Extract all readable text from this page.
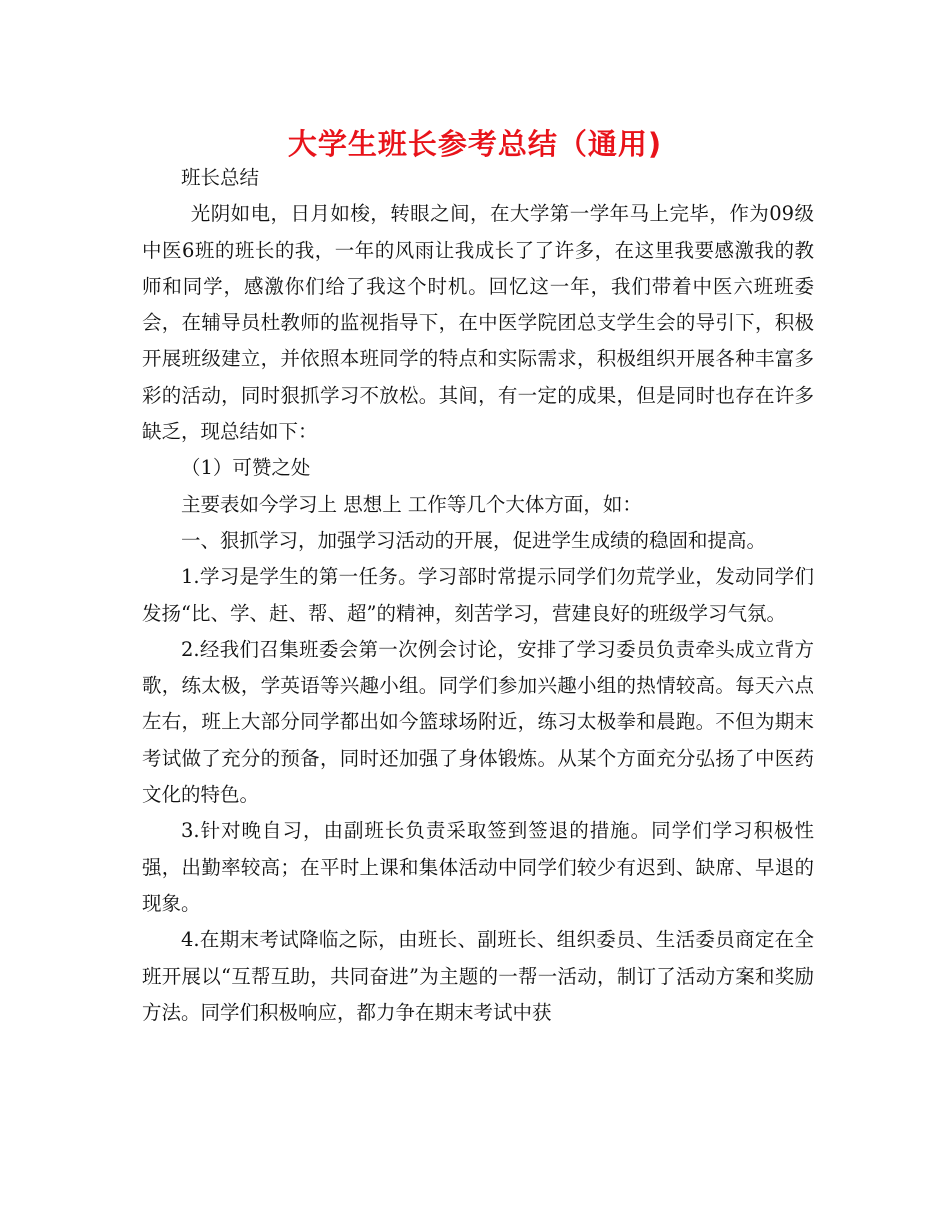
大学生班长参考总结（通用)

班长总结

光阴如电，日月如梭，转眼之间，在大学第一学年马上完毕，作为09级中医6班的班长的我，一年的风雨让我成长了了许多，在这里我要感激我的教师和同学，感激你们给了我这个时机。回忆这一年，我们带着中医六班班委会，在辅导员杜教师的监视指导下，在中医学院团总支学生会的导引下，积极开展班级建立，并依照本班同学的特点和实际需求，积极组织开展各种丰富多彩的活动，同时狠抓学习不放松。其间，有一定的成果，但是同时也存在许多缺乏，现总结如下：

（1）可赞之处

主要表如今学习上 思想上 工作等几个大体方面，如：

一、狠抓学习，加强学习活动的开展，促进学生成绩的稳固和提高。

1.学习是学生的第一任务。学习部时常提示同学们勿荒学业，发动同学们发扬“比、学、赶、帮、超”的精神，刻苦学习，营建良好的班级学习气氛。

2.经我们召集班委会第一次例会讨论，安排了学习委员负责牵头成立背方歌，练太极，学英语等兴趣小组。同学们参加兴趣小组的热情较高。每天六点左右，班上大部分同学都出如今篮球场附近，练习太极拳和晨跑。不但为期末考试做了充分的预备，同时还加强了身体锻炼。从某个方面充分弘扬了中医药文化的特色。

3.针对晚自习，由副班长负责采取签到签退的措施。同学们学习积极性强，出勤率较高；在平时上课和集体活动中同学们较少有迟到、缺席、早退的现象。

4.在期末考试降临之际，由班长、副班长、组织委员、生活委员商定在全班开展以“互帮互助，共同奋进”为主题的一帮一活动，制订了活动方案和奖励方法。同学们积极响应，都力争在期末考试中获
